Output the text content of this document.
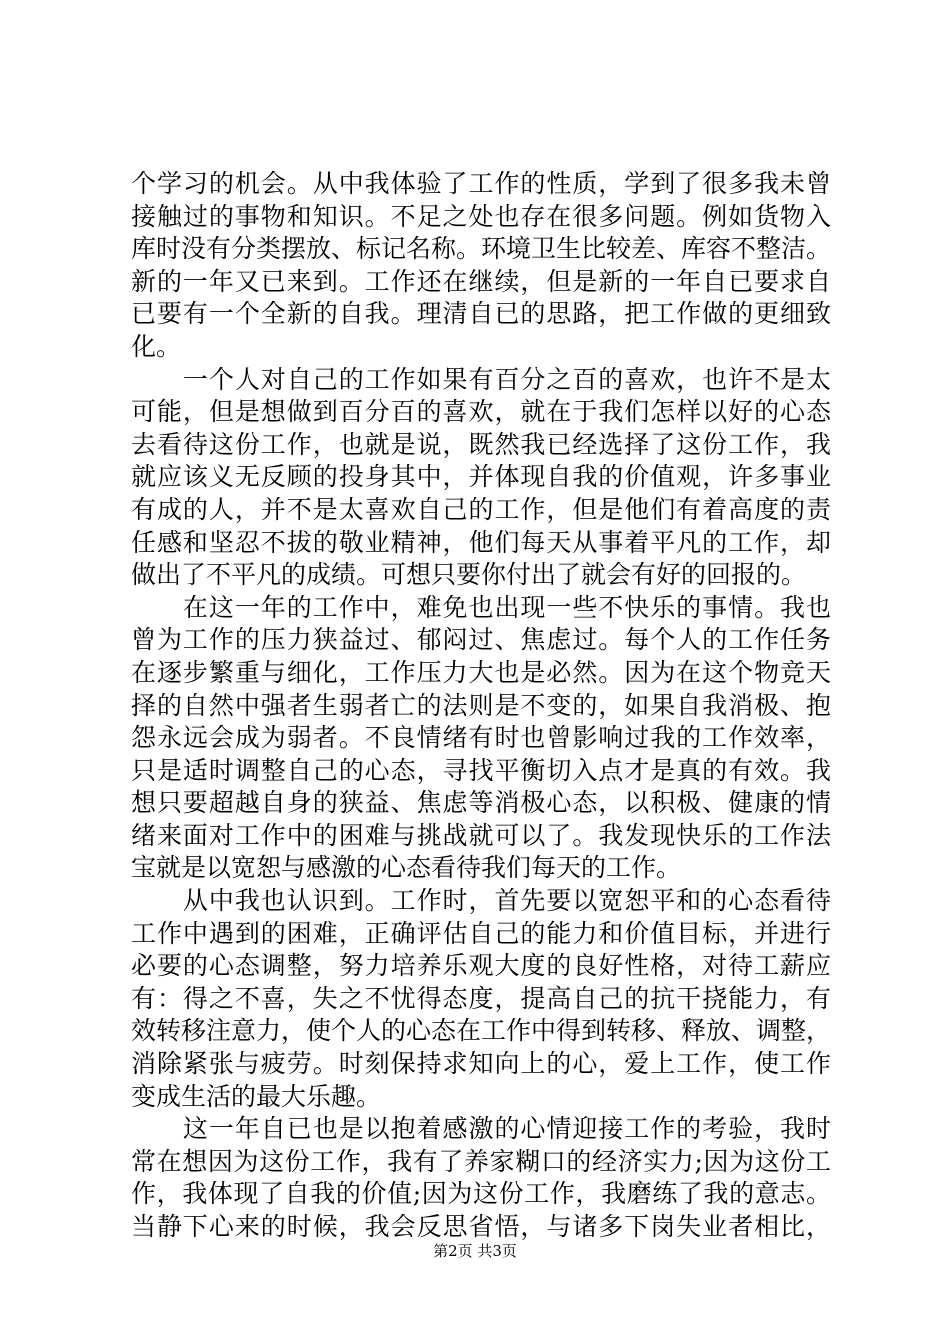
个学习的机会。从中我体验了工作的性质，学到了很多我未曾
接触过的事物和知识。不足之处也存在很多问题。例如货物入
库时没有分类摆放、标记名称。环境卫生比较差、库容不整洁。
新的一年又已来到。工作还在继续，但是新的一年自已要求自
已要有一个全新的自我。理清自已的思路，把工作做的更细致
化。
　　一个人对自己的工作如果有百分之百的喜欢，也许不是太
可能，但是想做到百分百的喜欢，就在于我们怎样以好的心态
去看待这份工作，也就是说，既然我已经选择了这份工作，我
就应该义无反顾的投身其中，并体现自我的价值观，许多事业
有成的人，并不是太喜欢自己的工作，但是他们有着高度的责
任感和坚忍不拔的敬业精神，他们每天从事着平凡的工作，却
做出了不平凡的成绩。可想只要你付出了就会有好的回报的。
　　在这一年的工作中，难免也出现一些不快乐的事情。我也
曾为工作的压力狭益过、郁闷过、焦虑过。每个人的工作任务
在逐步繁重与细化，工作压力大也是必然。因为在这个物竞天
择的自然中强者生弱者亡的法则是不变的，如果自我消极、抱
怨永远会成为弱者。不良情绪有时也曾影响过我的工作效率，
只是适时调整自己的心态，寻找平衡切入点才是真的有效。我
想只要超越自身的狭益、焦虑等消极心态，以积极、健康的情
绪来面对工作中的困难与挑战就可以了。我发现快乐的工作法
宝就是以宽恕与感激的心态看待我们每天的工作。
　　从中我也认识到。工作时，首先要以宽恕平和的心态看待
工作中遇到的困难，正确评估自己的能力和价值目标，并进行
必要的心态调整，努力培养乐观大度的良好性格，对待工薪应
有：得之不喜，失之不忧得态度，提高自己的抗干挠能力，有
效转移注意力，使个人的心态在工作中得到转移、释放、调整，
消除紧张与疲劳。时刻保持求知向上的心，爱上工作，使工作
变成生活的最大乐趣。
　　这一年自已也是以抱着感激的心情迎接工作的考验，我时
常在想因为这份工作，我有了养家糊口的经济实力;因为这份工
作，我体现了自我的价值;因为这份工作，我磨练了我的意志。
当静下心来的时候，我会反思省悟，与诸多下岗失业者相比，
第2页 共3页
